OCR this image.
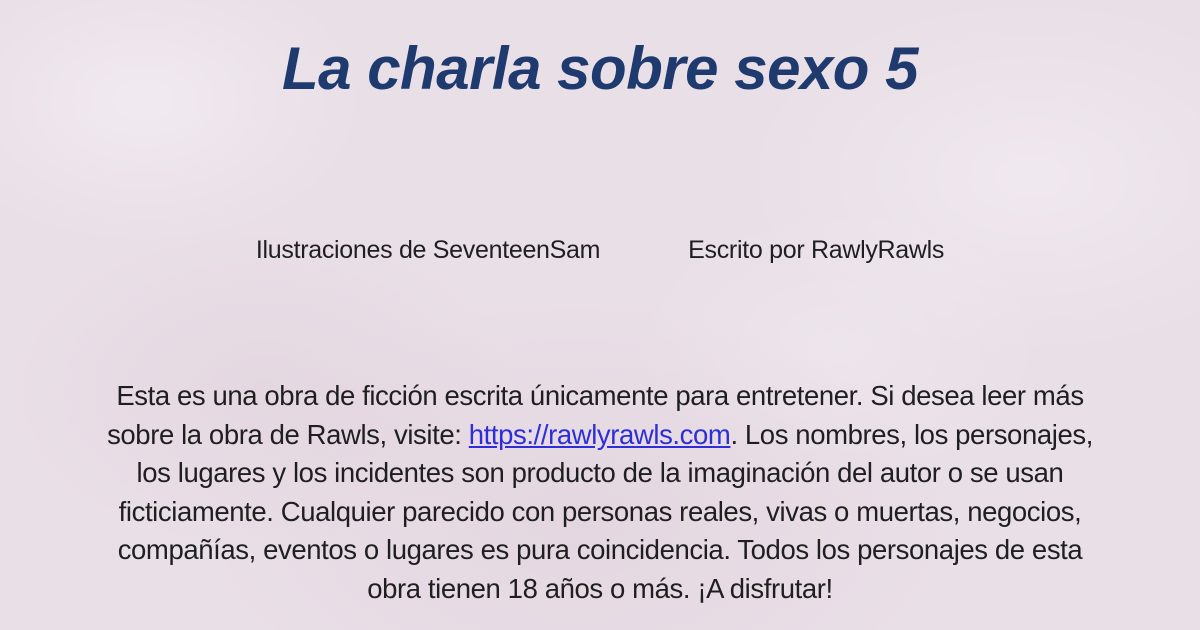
La charla sobre sexo 5
Ilustraciones de SeventeenSam	Escrito por RawlyRawls
Esta es una obra de ficción escrita únicamente para entretener. Si desea leer más
sobre la obra de Rawls, visite: https://rawlyrawls.com. Los nombres, los personajes,
los lugares y los incidentes son producto de la imaginación del autor o se usan
ficticiamente. Cualquier parecido con personas reales, vivas o muertas, negocios,
compañías, eventos o lugares es pura coincidencia. Todos los personajes de esta
obra tienen 18 años o más. ¡A disfrutar!
